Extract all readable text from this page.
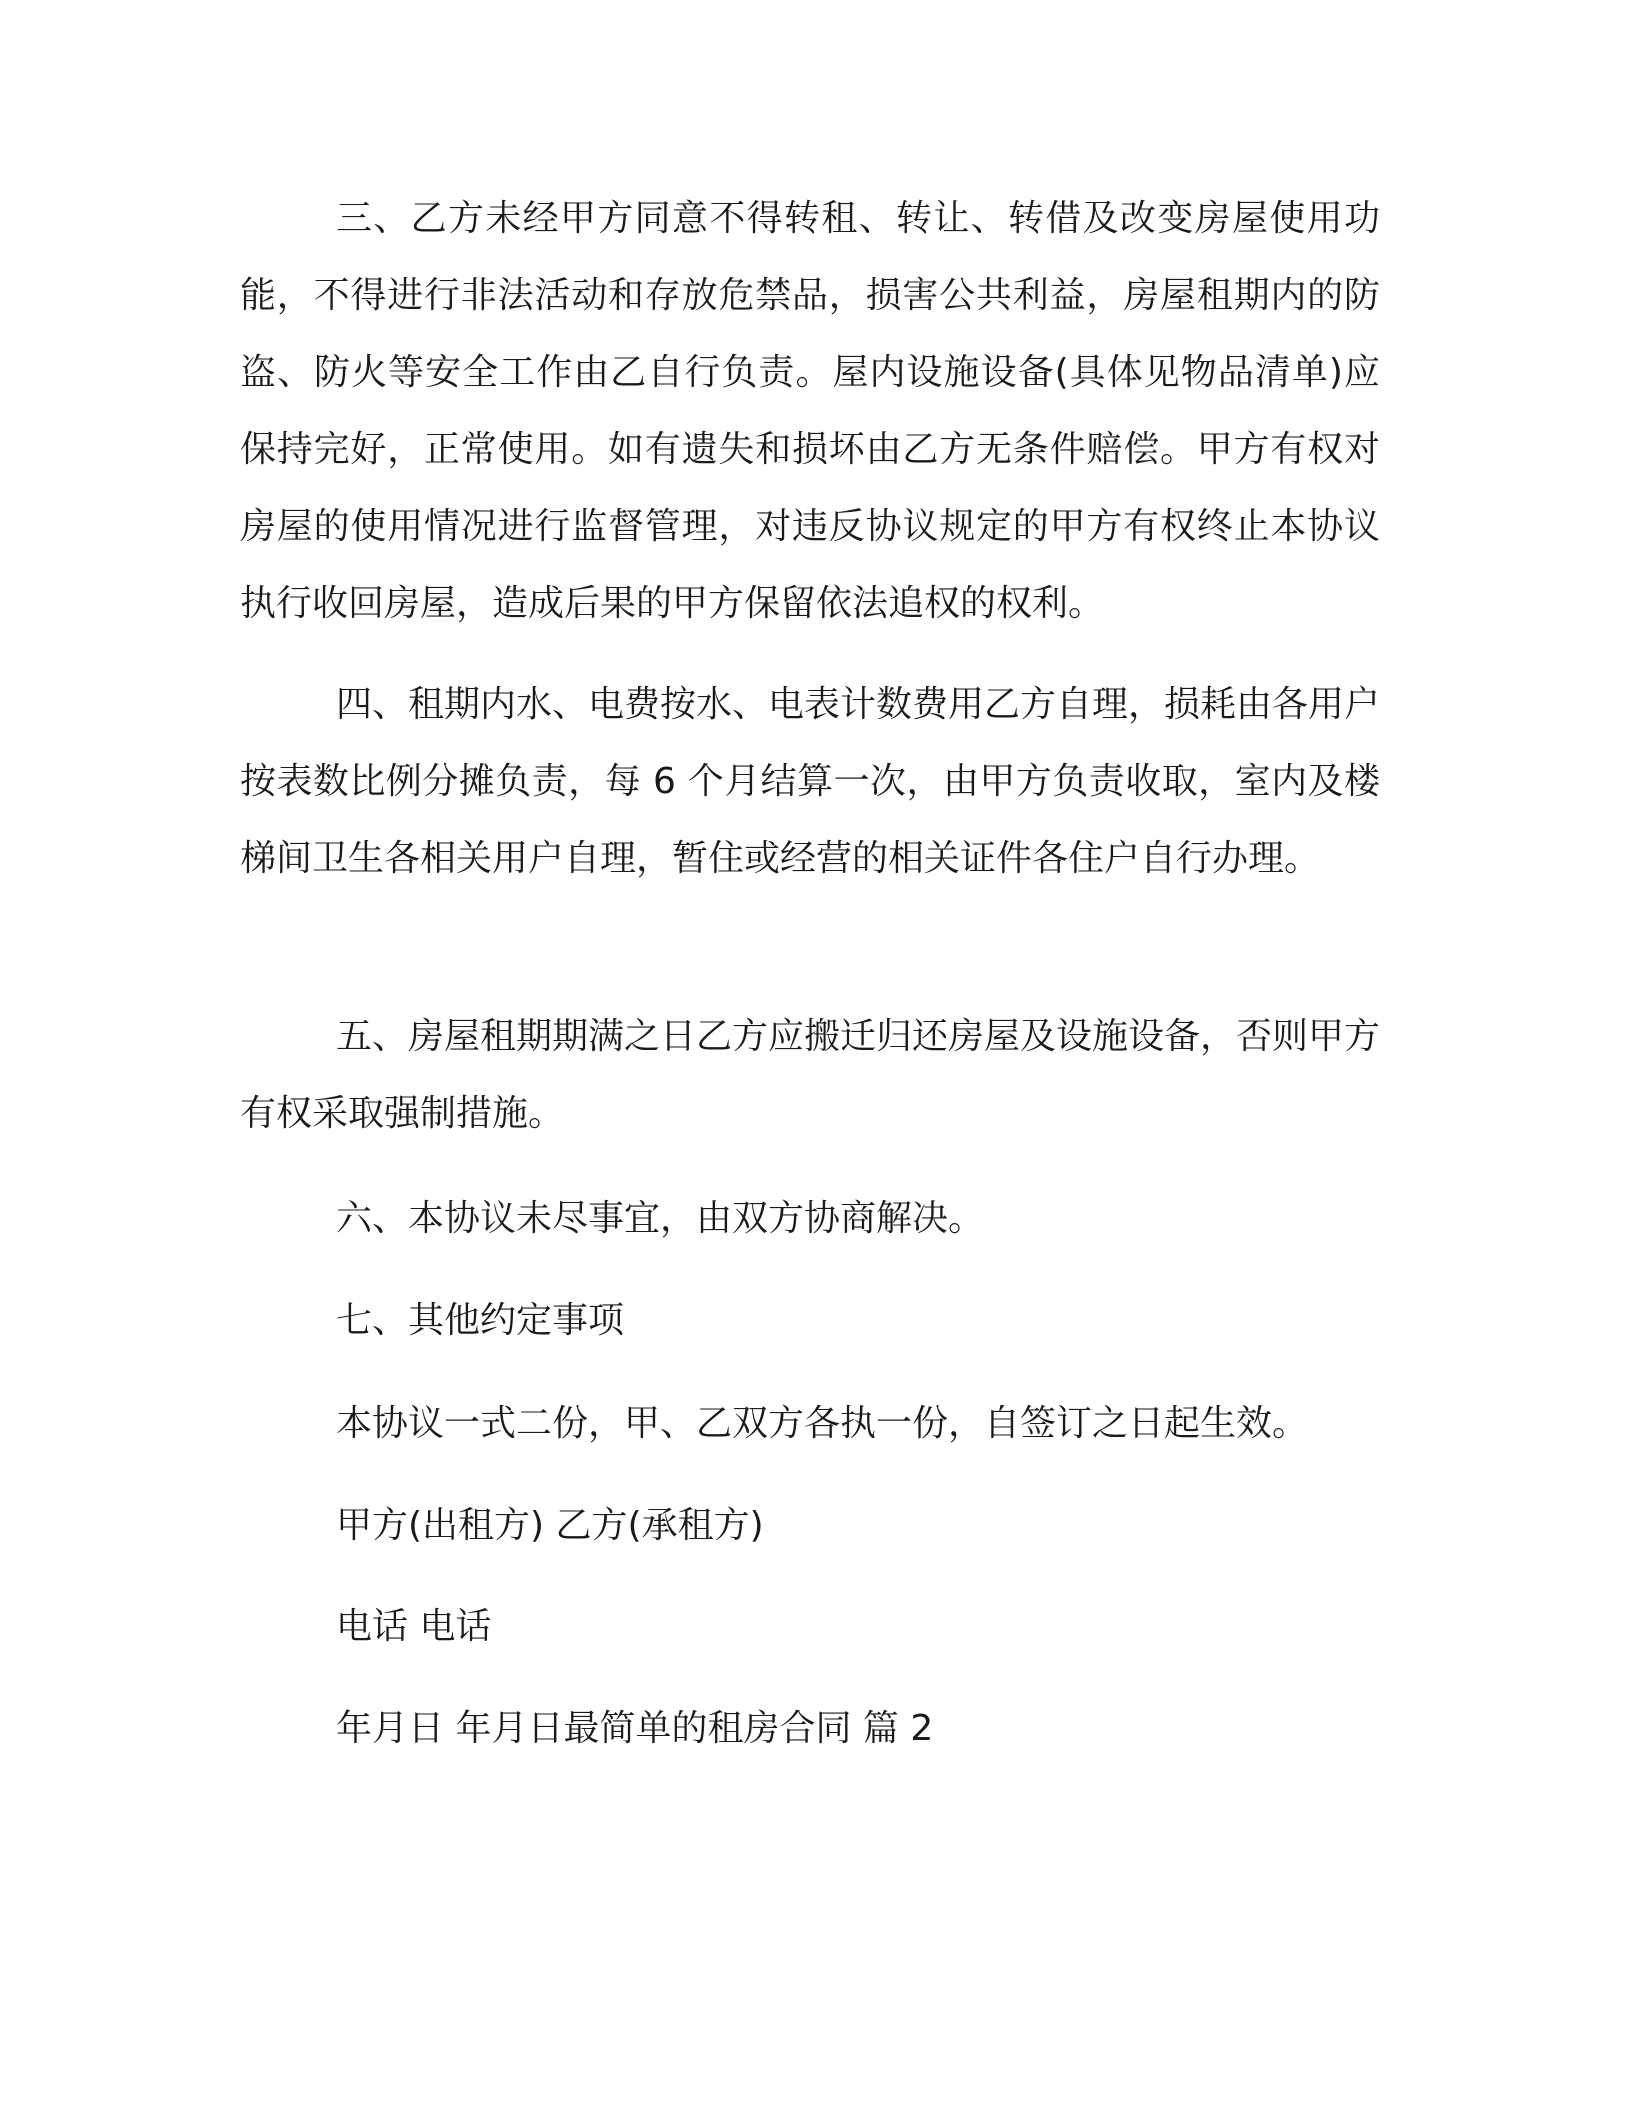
三、乙方未经甲方同意不得转租、转让、转借及改变房屋使用功能，不得进行非法活动和存放危禁品，损害公共利益，房屋租期内的防盗、防火等安全工作由乙自行负责。屋内设施设备(具体见物品清单)应保持完好，正常使用。如有遗失和损坏由乙方无条件赔偿。甲方有权对房屋的使用情况进行监督管理，对违反协议规定的甲方有权终止本协议执行收回房屋，造成后果的甲方保留依法追权的权利。

四、租期内水、电费按水、电表计数费用乙方自理，损耗由各用户按表数比例分摊负责，每 6 个月结算一次，由甲方负责收取，室内及楼梯间卫生各相关用户自理，暂住或经营的相关证件各住户自行办理。

五、房屋租期期满之日乙方应搬迁归还房屋及设施设备，否则甲方有权采取强制措施。

六、本协议未尽事宜，由双方协商解决。
七、其他约定事项
本协议一式二份，甲、乙双方各执一份，自签订之日起生效。
甲方(出租方) 乙方(承租方)
电话 电话
年月日 年月日最简单的租房合同 篇 2
